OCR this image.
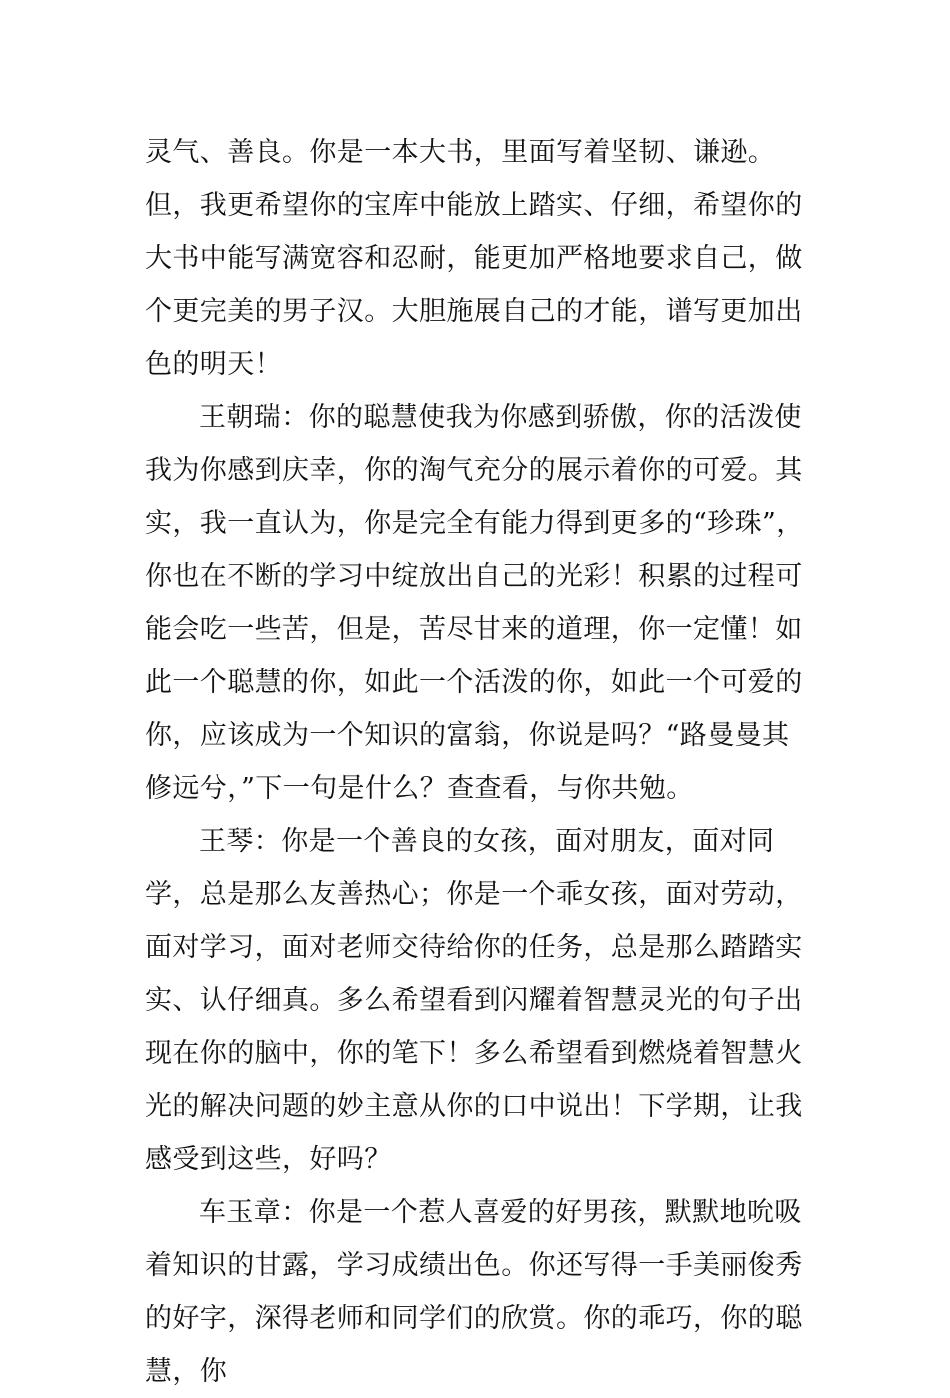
灵气、善良。你是一本大书，里面写着坚韧、谦逊。但，我更希望你的宝库中能放上踏实、仔细，希望你的大书中能写满宽容和忍耐，能更加严格地要求自己，做个更完美的男子汉。大胆施展自己的才能，谱写更加出色的明天！

王朝瑞：你的聪慧使我为你感到骄傲，你的活泼使我为你感到庆幸，你的淘气充分的展示着你的可爱。其实，我一直认为，你是完全有能力得到更多的“珍珠”，你也在不断的学习中绽放出自己的光彩！积累的过程可能会吃一些苦，但是，苦尽甘来的道理，你一定懂！如此一个聪慧的你，如此一个活泼的你，如此一个可爱的你，应该成为一个知识的富翁，你说是吗？“路曼曼其修远兮，”下一句是什么？查查看，与你共勉。

王琴：你是一个善良的女孩，面对朋友，面对同学，总是那么友善热心；你是一个乖女孩，面对劳动，面对学习，面对老师交待给你的任务，总是那么踏踏实实、认仔细真。多么希望看到闪耀着智慧灵光的句子出现在你的脑中，你的笔下！多么希望看到燃烧着智慧火光的解决问题的妙主意从你的口中说出！下学期，让我感受到这些，好吗？

车玉章：你是一个惹人喜爱的好男孩，默默地吮吸着知识的甘露，学习成绩出色。你还写得一手美丽俊秀的好字，深得老师和同学们的欣赏。你的乖巧，你的聪慧，你
